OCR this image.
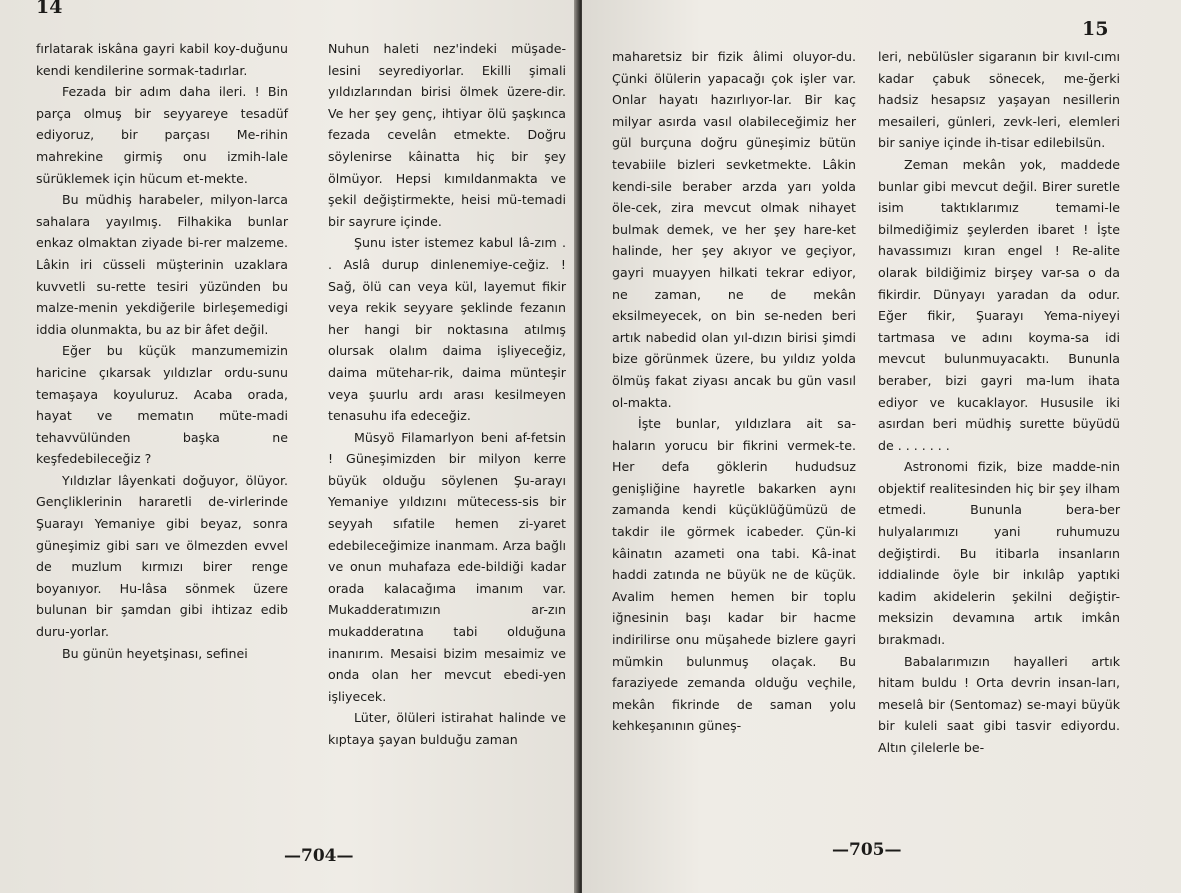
14

fırlatarak iskâna gayri kabil koy-duğunu kendi kendilerine sormak-tadırlar.

Fezada bir adım daha ileri. ! Bin parça olmuş bir seyyareye tesadüf ediyoruz, bir parçası Me-rihin mahrekine girmiş onu izmih-lale sürüklemek için hücum et-mekte.

Bu müdhiş harabeler, milyon-larca sahalara yayılmış. Filhakika bunlar enkaz olmaktan ziyade bi-rer malzeme. Lâkin iri cüsseli müşterinin uzaklara kuvvetli su-rette tesiri yüzünden bu malze-menin yekdiğerile birleşemedigi iddia olunmakta, bu az bir âfet değil.

Eğer bu küçük manzumemizin haricine çıkarsak yıldızlar ordu-sunu temaşaya koyuluruz. Acaba orada, hayat ve mematın müte-madi tehavvülünden başka ne keşfedebileceğiz ?

Yıldızlar lâyenkati doğuyor, ölüyor. Gençliklerinin hararetli de-virlerinde Şuarayı Yemaniye gibi beyaz, sonra güneşimiz gibi sarı ve ölmezden evvel de muzlum kırmızı birer renge boyanıyor. Hu-lâsa sönmek üzere bulunan bir şamdan gibi ihtizaz edib duru-yorlar.

Bu günün heyetşinası, sefinei

Nuhun haleti nez'indeki müşade-lesini seyrediyorlar. Ekilli şimali yıldızlarından birisi ölmek üzere-dir. Ve her şey genç, ihtiyar ölü şaşkınca fezada cevelân etmekte. Doğru söylenirse kâinatta hiç bir şey ölmüyor. Hepsi kımıldanmakta ve şekil değiştirmekte, heisi mü-temadi bir sayrure içinde.

Şunu ister istemez kabul lâ-zım . . Aslâ durup dinlenemiye-ceğiz. ! Sağ, ölü can veya kül, layemut fikir veya rekik seyyare şeklinde fezanın her hangi bir noktasına atılmış olursak olalım daima işliyeceğiz, daima mütehar-rik, daima münteşir veya şuurlu ardı arası kesilmeyen tenasuhu ifa edeceğiz.

Müsyö Filamarlyon beni af-fetsin ! Güneşimizden bir milyon kerre büyük olduğu söylenen Şu-arayı Yemaniye yıldızını mütecess-sis bir seyyah sıfatile hemen zi-yaret edebileceğimize inanmam. Arza bağlı ve onun muhafaza ede-bildiği kadar orada kalacağıma imanım var. Mukadderatımızın ar-zın mukadderatına tabi olduğuna inanırım. Mesaisi bizim mesaimiz ve onda olan her mevcut ebedi-yen işliyecek.

Lüter, ölüleri istirahat halinde ve kıptaya şayan bulduğu zaman

—704—
15

maharetsiz bir fizik âlimi oluyor-du. Çünki ölülerin yapacağı çok işler var. Onlar hayatı hazırlıyor-lar. Bir kaç milyar asırda vasıl olabileceğimiz her gül burçuna doğru güneşimiz bütün tevabiile bizleri sevketmekte. Lâkin kendi-sile beraber arzda yarı yolda öle-cek, zira mevcut olmak nihayet bulmak demek, ve her şey hare-ket halinde, her şey akıyor ve geçiyor, gayri muayyen hilkati tekrar ediyor, ne zaman, ne de mekân eksilmeyecek, on bin se-neden beri artık nabedid olan yıl-dızın birisi şimdi bize görünmek üzere, bu yıldız yolda ölmüş fakat ziyası ancak bu gün vasıl ol-makta.

İşte bunlar, yıldızlara ait sa-haların yorucu bir fikrini vermek-te. Her defa göklerin hududsuz genişliğine hayretle bakarken aynı zamanda kendi küçüklüğümüzü de takdir ile görmek icabeder. Çün-ki kâinatın azameti ona tabi. Kâ-inat haddi zatında ne büyük ne de küçük. Avalim hemen hemen bir toplu iğnesinin başı kadar bir hacme indirilirse onu müşahede bizlere gayri mümkin bulunmuş olaçak. Bu faraziyede zemanda olduğu veçhile, mekân fikrinde de saman yolu kehkeşanının güneş-

leri, nebülüsler sigaranın bir kıvıl-cımı kadar çabuk sönecek, me-ğerki hadsiz hesapsız yaşayan nesillerin mesaileri, günleri, zevk-leri, elemleri bir saniye içinde ih-tisar edilebilsün.

Zeman mekân yok, maddede bunlar gibi mevcut değil. Birer suretle isim taktıklarımız temami-le bilmediğimiz şeylerden ibaret ! İşte havassımızı kıran engel ! Re-alite olarak bildiğimiz birşey var-sa o da fikirdir. Dünyayı yaradan da odur. Eğer fikir, Şuarayı Yema-niyeyi tartmasa ve adını koyma-sa idi mevcut bulunmuyacaktı. Bununla beraber, bizi gayri ma-lum ihata ediyor ve kucaklayor. Hususile iki asırdan beri müdhiş surette büyüdü de . . . . . . .

Astronomi fizik, bize madde-nin objektif realitesinden hiç bir şey ilham etmedi. Bununla bera-ber hulyalarımızı yani ruhumuzu değiştirdi. Bu itibarla insanların iddialinde öyle bir inkılâp yaptıki kadim akidelerin şekilni değiştir-meksizin devamına artık imkân bırakmadı.

Babalarımızın hayalleri artık hitam buldu ! Orta devrin insan-ları, meselâ bir (Sentomaz) se-mayi büyük bir kuleli saat gibi tasvir ediyordu. Altın çilelerle be-

—705—
